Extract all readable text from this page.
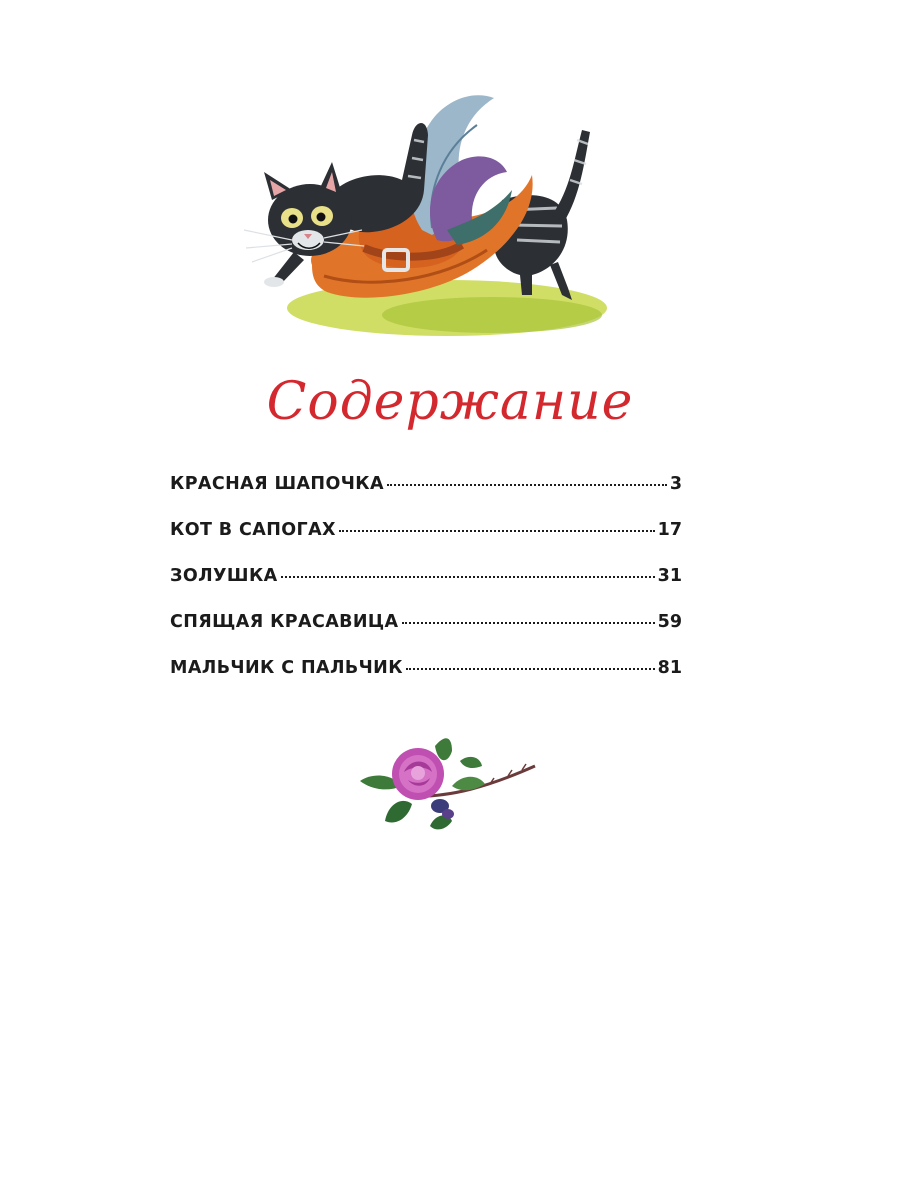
Содержание
КРАСНАЯ ШАПОЧКА	3
КОТ В САПОГАХ	17
ЗОЛУШКА	31
СПЯЩАЯ КРАСАВИЦА	59
МАЛЬЧИК С ПАЛЬЧИК	81
